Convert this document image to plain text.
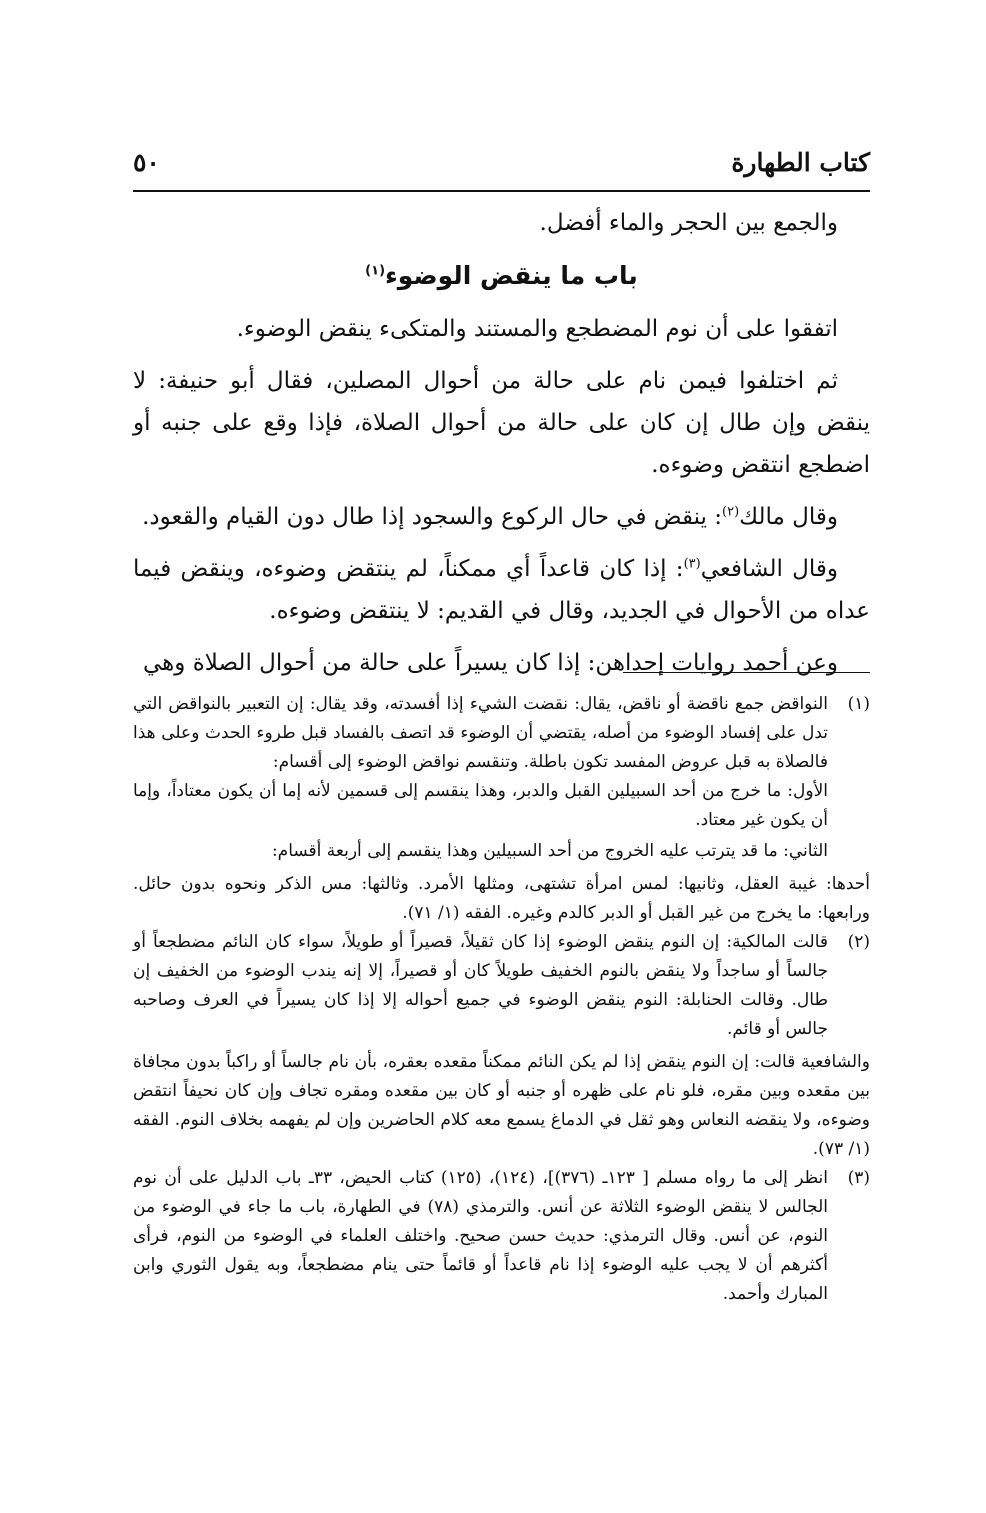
كتاب الطهارة
٥٠

والجمع بين الحجر والماء أفضل.

باب ما ينقض الوضوء$^{(١)}$

اتفقوا على أن نوم المضطجع والمستند والمتكىء ينقض الوضوء.

ثم اختلفوا فيمن نام على حالة من أحوال المصلين، فقال أبو حنيفة: لا ينقض وإن طال إن كان على حالة من أحوال الصلاة، فإذا وقع على جنبه أو اضطجع انتقض وضوءه.

وقال مالك$^{(٢)}$: ينقض في حال الركوع والسجود إذا طال دون القيام والقعود.

وقال الشافعي$^{(٣)}$: إذا كان قاعداً أي ممكناً، لم ينتقض وضوءه، وينقض فيما عداه من الأحوال في الجديد، وقال في القديم: لا ينتقض وضوءه.

وعن أحمد روايات إحداهن: إذا كان يسيراً على حالة من أحوال الصلاة وهي

(١)

النواقض جمع ناقضة أو ناقض، يقال: نقضت الشيء إذا أفسدته، وقد يقال: إن التعبير بالنواقض التي تدل على إفساد الوضوء من أصله، يقتضي أن الوضوء قد اتصف بالفساد قبل طروء الحدث وعلى هذا فالصلاة به قبل عروض المفسد تكون باطلة. وتنقسم نواقض الوضوء إلى أقسام:

الأول: ما خرج من أحد السبيلين القبل والدبر، وهذا ينقسم إلى قسمين لأنه إما أن يكون معتاداً، وإما أن يكون غير معتاد.

الثاني: ما قد يترتب عليه الخروج من أحد السبيلين وهذا ينقسم إلى أربعة أقسام:

أحدها: غيبة العقل، وثانيها: لمس امرأة تشتهى، ومثلها الأمرد. وثالثها: مس الذكر ونحوه بدون حائل. ورابعها: ما يخرج من غير القبل أو الدبر كالدم وغيره. الفقه (١/ ٧١).

(٢)

قالت المالكية: إن النوم ينقض الوضوء إذا كان ثقيلاً، قصيراً أو طويلاً، سواء كان النائم مضطجعاً أو جالساً أو ساجداً ولا ينقض بالنوم الخفيف طويلاً كان أو قصيراً، إلا إنه يندب الوضوء من الخفيف إن طال. وقالت الحنابلة: النوم ينقض الوضوء في جميع أحواله إلا إذا كان يسيراً في العرف وصاحبه جالس أو قائم.

والشافعية قالت: إن النوم ينقض إذا لم يكن النائم ممكناً مقعده بعقره، بأن نام جالساً أو راكباً بدون مجافاة بين مقعده وبين مقره، فلو نام على ظهره أو جنبه أو كان بين مقعده ومقره تجاف وإن كان نحيفاً انتقض وضوءه، ولا ينقضه النعاس وهو ثقل في الدماغ يسمع معه كلام الحاضرين وإن لم يفهمه بخلاف النوم. الفقه (١/ ٧٣).

(٣)

انظر إلى ما رواه مسلم [ ١٢٣ـ (٣٧٦)]، (١٢٤)، (١٢٥) كتاب الحيض، ٣٣ـ باب الدليل على أن نوم الجالس لا ينقض الوضوء الثلاثة عن أنس. والترمذي (٧٨) في الطهارة، باب ما جاء في الوضوء من النوم، عن أنس. وقال الترمذي: حديث حسن صحيح. واختلف العلماء في الوضوء من النوم، فرأى أكثرهم أن لا يجب عليه الوضوء إذا نام قاعداً أو قائماً حتى ينام مضطجعاً، وبه يقول الثوري وابن المبارك وأحمد.
